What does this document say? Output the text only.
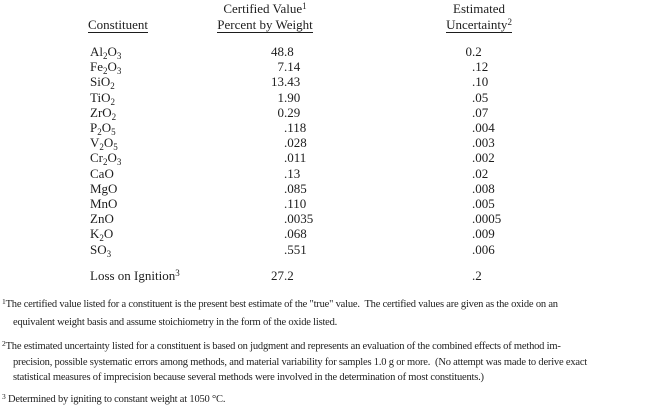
Certified Value$^1$
Percent by Weight
Constituent
Estimated
Uncertainty$^2$
$Al_2O_3$	48 .8	0 .2
$Fe_2O_3$	7 .14	.12
SiO$_2$	13 .43	.10
TiO$_2$	1 .90	.05
ZrO$_2$	0 .29	.07
$P_2O_5$	.118	.004
$V_2O_5$	.028	.003
$Cr_2O_3$	.011	.002
CaO	.13	.02
MgO	.085	.008
MnO	.110	.005
ZnO	.0035	.0005
$K_2O$	.068	.009
$SO_3$	.551	.006
Loss on Ignition$^3$	27 .2	.2
$^1$The certified value listed for a constituent is the present best estimate of the "true" value.  The certified values are given as the oxide on an
equivalent weight basis and assume stoichiometry in the form of the oxide listed.
$^2$The estimated uncertainty listed for a constituent is based on judgment and represents an evaluation of the combined effects of method im-
precision, possible systematic errors among methods, and material variability for samples 1.0 g or more.  (No attempt was made to derive exact
statistical measures of imprecision because several methods were involved in the determination of most constituents.)
$^3$ Determined by igniting to constant weight at 1050 °C.
